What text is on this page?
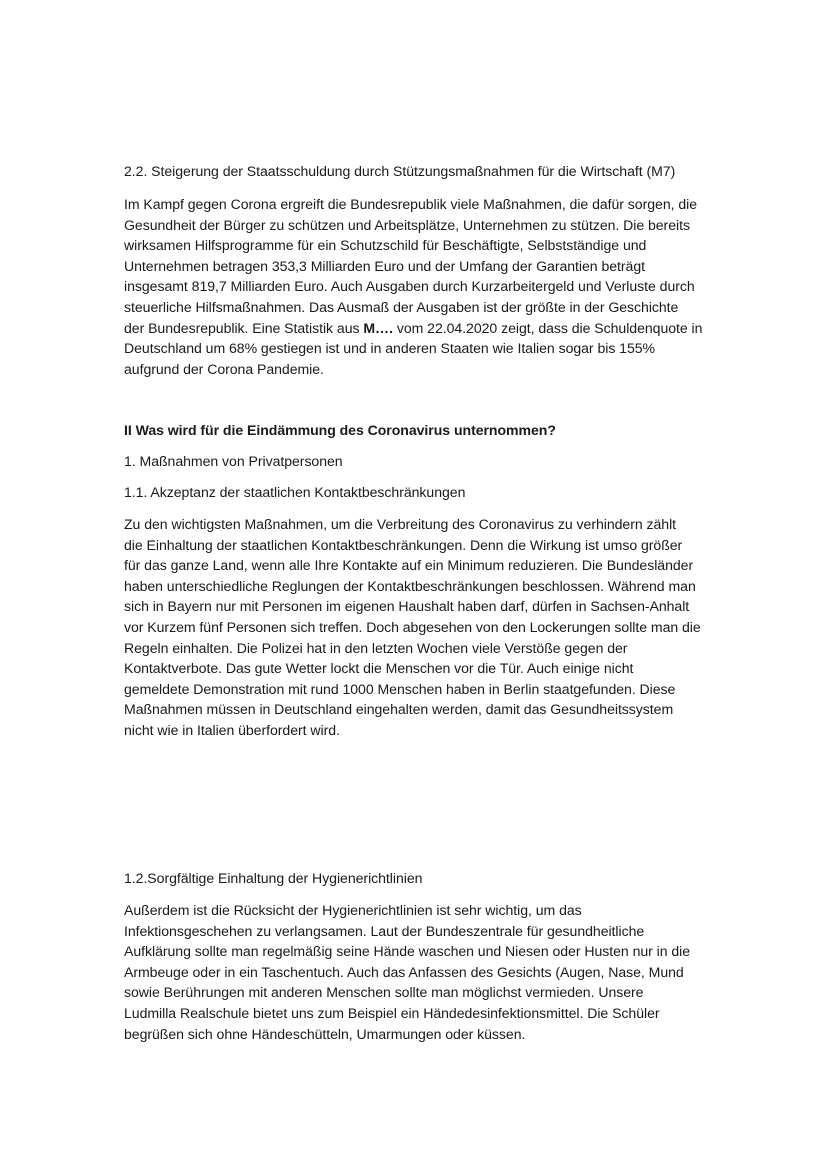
2.2. Steigerung der Staatsschuldung durch Stützungsmaßnahmen für die Wirtschaft (M7)
Im Kampf gegen Corona ergreift die Bundesrepublik viele Maßnahmen, die dafür sorgen, die
Gesundheit der Bürger zu schützen und Arbeitsplätze, Unternehmen zu stützen. Die bereits
wirksamen Hilfsprogramme für ein Schutzschild für Beschäftigte, Selbstständige und
Unternehmen betragen 353,3 Milliarden Euro und der Umfang der Garantien beträgt
insgesamt 819,7 Milliarden Euro. Auch Ausgaben durch Kurzarbeitergeld und Verluste durch
steuerliche Hilfsmaßnahmen. Das Ausmaß der Ausgaben ist der größte in der Geschichte
der Bundesrepublik. Eine Statistik aus M…. vom 22.04.2020 zeigt, dass die Schuldenquote in
Deutschland um 68% gestiegen ist und in anderen Staaten wie Italien sogar bis 155%
aufgrund der Corona Pandemie.
II Was wird für die Eindämmung des Coronavirus unternommen?
1. Maßnahmen von Privatpersonen
1.1. Akzeptanz der staatlichen Kontaktbeschränkungen
Zu den wichtigsten Maßnahmen, um die Verbreitung des Coronavirus zu verhindern zählt
die Einhaltung der staatlichen Kontaktbeschränkungen. Denn die Wirkung ist umso größer
für das ganze Land, wenn alle Ihre Kontakte auf ein Minimum reduzieren. Die Bundesländer
haben unterschiedliche Reglungen der Kontaktbeschränkungen beschlossen. Während man
sich in Bayern nur mit Personen im eigenen Haushalt haben darf, dürfen in Sachsen-Anhalt
vor Kurzem fünf Personen sich treffen. Doch abgesehen von den Lockerungen sollte man die
Regeln einhalten. Die Polizei hat in den letzten Wochen viele Verstöße gegen der
Kontaktverbote. Das gute Wetter lockt die Menschen vor die Tür. Auch einige nicht
gemeldete Demonstration mit rund 1000 Menschen haben in Berlin staatgefunden. Diese
Maßnahmen müssen in Deutschland eingehalten werden, damit das Gesundheitssystem
nicht wie in Italien überfordert wird.
1.2.Sorgfältige Einhaltung der Hygienerichtlinien
Außerdem ist die Rücksicht der Hygienerichtlinien ist sehr wichtig, um das
Infektionsgeschehen zu verlangsamen. Laut der Bundeszentrale für gesundheitliche
Aufklärung sollte man regelmäßig seine Hände waschen und Niesen oder Husten nur in die
Armbeuge oder in ein Taschentuch. Auch das Anfassen des Gesichts (Augen, Nase, Mund
sowie Berührungen mit anderen Menschen sollte man möglichst vermieden. Unsere
Ludmilla Realschule bietet uns zum Beispiel ein Händedesinfektionsmittel. Die Schüler
begrüßen sich ohne Händeschütteln, Umarmungen oder küssen.
